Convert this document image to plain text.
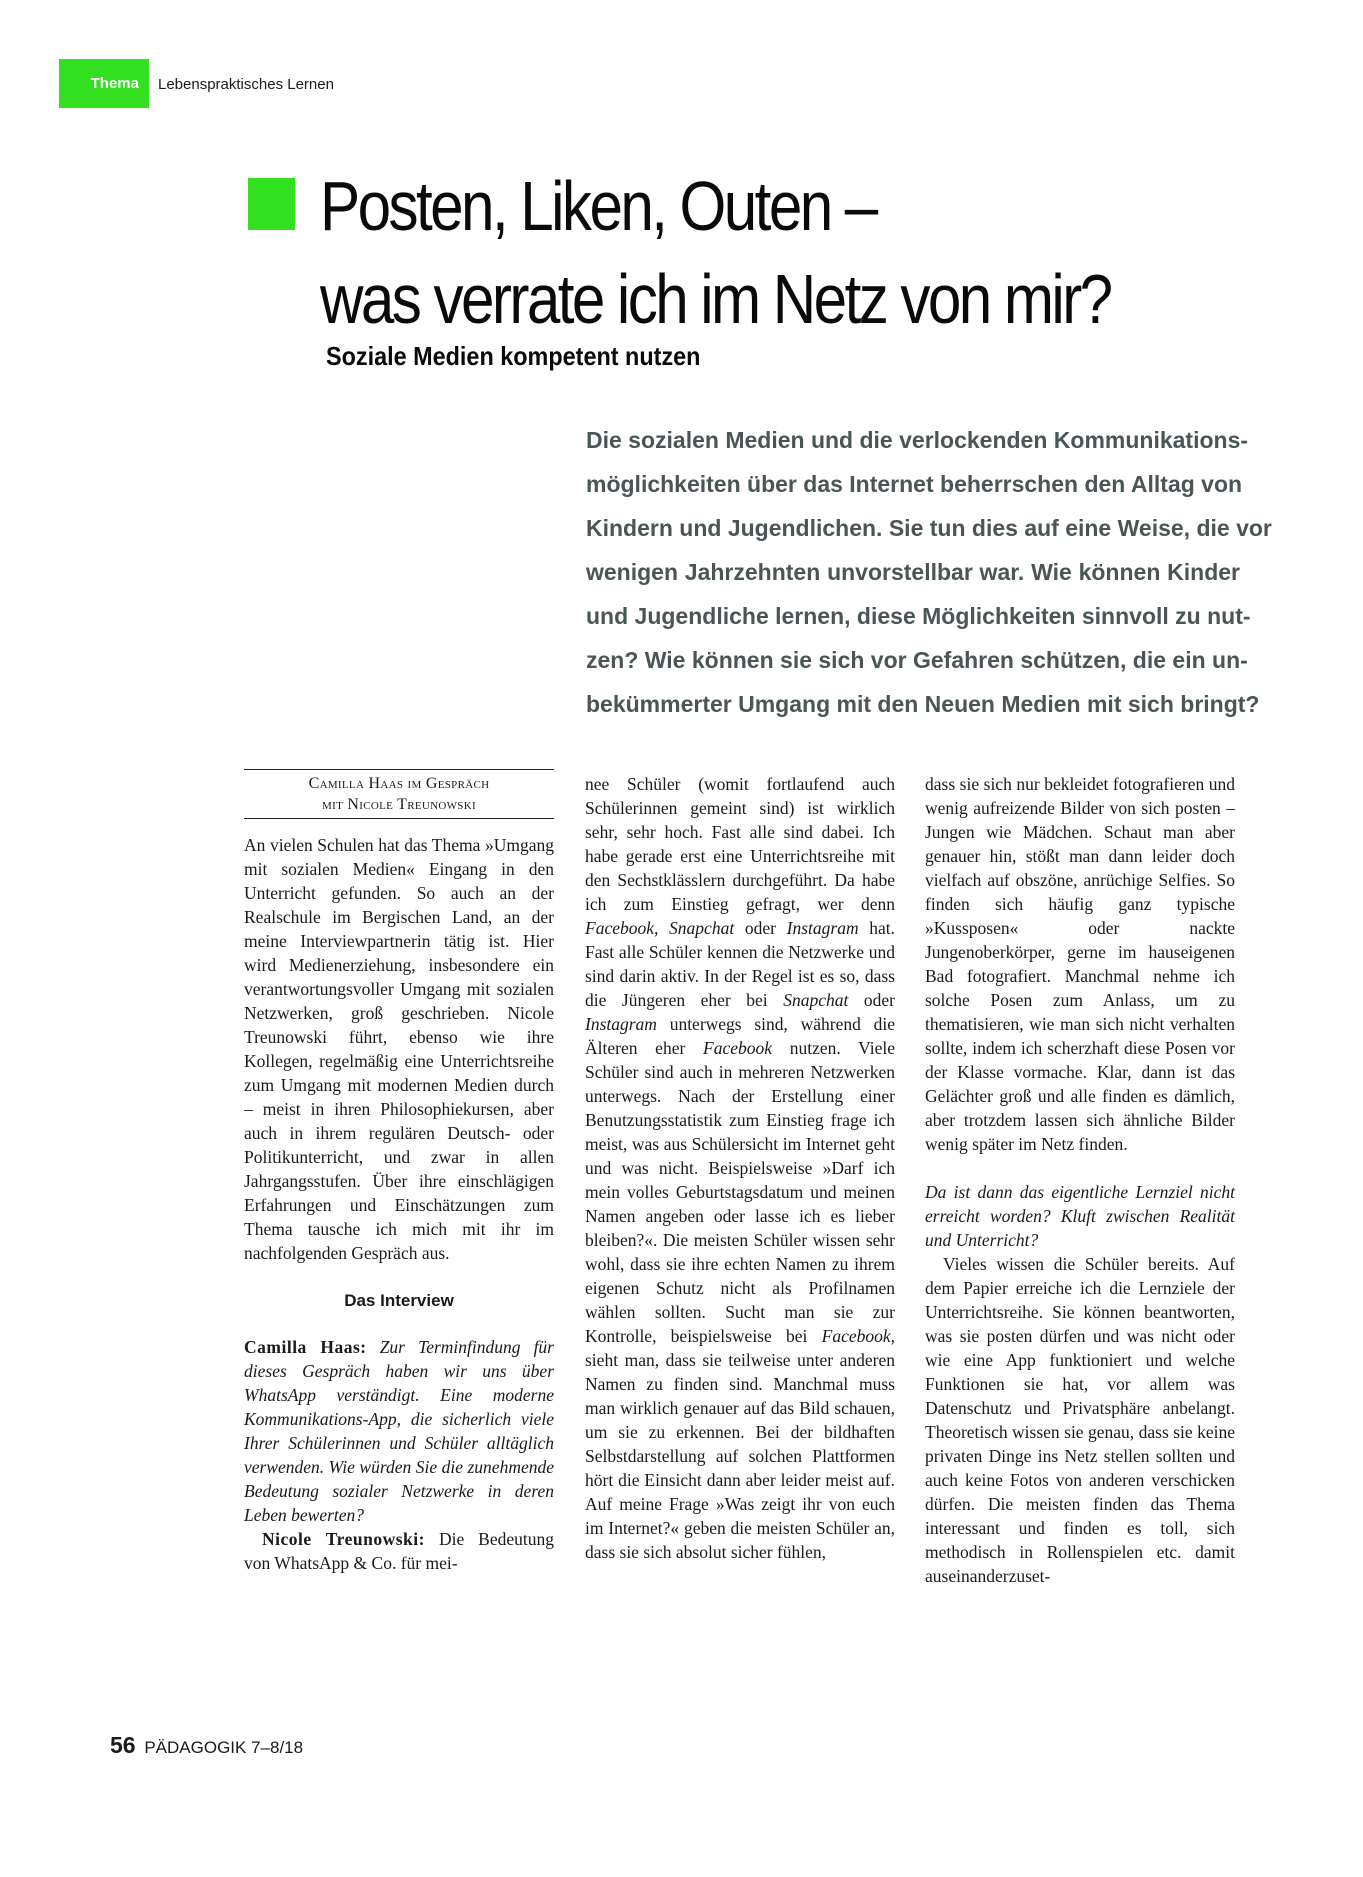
Thema Lebenspraktisches Lernen
Posten, Liken, Outen –
was verrate ich im Netz von mir?
Soziale Medien kompetent nutzen
Die sozialen Medien und die verlockenden Kommunikations-
möglichkeiten über das Internet beherrschen den Alltag von
Kindern und Jugendlichen. Sie tun dies auf eine Weise, die vor
wenigen Jahrzehnten unvorstellbar war. Wie können Kinder
und Jugendliche lernen, diese Möglichkeiten sinnvoll zu nut-
zen? Wie können sie sich vor Gefahren schützen, die ein un-
bekümmerter Umgang mit den Neuen Medien mit sich bringt?
Camilla Haas im Gespräch
mit Nicole Treunowski

An vielen Schulen hat das Thema »Umgang mit sozialen Medien« Eingang in den Unterricht gefunden. So auch an der Realschule im Bergischen Land, an der meine Interviewpartnerin tätig ist. Hier wird Medienerziehung, insbesondere ein verantwortungsvoller Umgang mit sozialen Netzwerken, groß geschrieben. Nicole Treunowski führt, ebenso wie ihre Kollegen, regelmäßig eine Unterrichtsreihe zum Umgang mit modernen Medien durch – meist in ihren Philosophiekursen, aber auch in ihrem regulären Deutsch- oder Politikunterricht, und zwar in allen Jahrgangsstufen. Über ihre einschlägigen Erfahrungen und Einschätzungen zum Thema tausche ich mich mit ihr im nachfolgenden Gespräch aus.

Das Interview

Camilla Haas: Zur Terminfindung für dieses Gespräch haben wir uns über WhatsApp verständigt. Eine moderne Kommunikations-App, die sicherlich viele Ihrer Schülerinnen und Schüler alltäglich verwenden. Wie würden Sie die zunehmende Bedeutung sozialer Netzwerke in deren Leben bewerten?

Nicole Treunowski: Die Bedeutung von WhatsApp & Co. für mei-

nee Schüler (womit fortlaufend auch Schülerinnen gemeint sind) ist wirklich sehr, sehr hoch. Fast alle sind dabei. Ich habe gerade erst eine Unterrichtsreihe mit den Sechstklässlern durchgeführt. Da habe ich zum Einstieg gefragt, wer denn Facebook, Snapchat oder Instagram hat. Fast alle Schüler kennen die Netzwerke und sind darin aktiv. In der Regel ist es so, dass die Jüngeren eher bei Snapchat oder Instagram unterwegs sind, während die Älteren eher Facebook nutzen. Viele Schüler sind auch in mehreren Netzwerken unterwegs. Nach der Erstellung einer Benutzungsstatistik zum Einstieg frage ich meist, was aus Schülersicht im Internet geht und was nicht. Beispielsweise »Darf ich mein volles Geburtstagsdatum und meinen Namen angeben oder lasse ich es lieber bleiben?«. Die meisten Schüler wissen sehr wohl, dass sie ihre echten Namen zu ihrem eigenen Schutz nicht als Profilnamen wählen sollten. Sucht man sie zur Kontrolle, beispielsweise bei Facebook, sieht man, dass sie teilweise unter anderen Namen zu finden sind. Manchmal muss man wirklich genauer auf das Bild schauen, um sie zu erkennen. Bei der bildhaften Selbstdarstellung auf solchen Plattformen hört die Einsicht dann aber leider meist auf. Auf meine Frage »Was zeigt ihr von euch im Internet?« geben die meisten Schüler an, dass sie sich absolut sicher fühlen,

dass sie sich nur bekleidet fotografieren und wenig aufreizende Bilder von sich posten – Jungen wie Mädchen. Schaut man aber genauer hin, stößt man dann leider doch vielfach auf obszöne, anrüchige Selfies. So finden sich häufig ganz typische »Kussposen« oder nackte Jungenoberkörper, gerne im hauseigenen Bad fotografiert. Manchmal nehme ich solche Posen zum Anlass, um zu thematisieren, wie man sich nicht verhalten sollte, indem ich scherzhaft diese Posen vor der Klasse vormache. Klar, dann ist das Gelächter groß und alle finden es dämlich, aber trotzdem lassen sich ähnliche Bilder wenig später im Netz finden.

Da ist dann das eigentliche Lernziel nicht erreicht worden? Kluft zwischen Realität und Unterricht?

Vieles wissen die Schüler bereits. Auf dem Papier erreiche ich die Lernziele der Unterrichtsreihe. Sie können beantworten, was sie posten dürfen und was nicht oder wie eine App funktioniert und welche Funktionen sie hat, vor allem was Datenschutz und Privatsphäre anbelangt. Theoretisch wissen sie genau, dass sie keine privaten Dinge ins Netz stellen sollten und auch keine Fotos von anderen verschicken dürfen. Die meisten finden das Thema interessant und finden es toll, sich methodisch in Rollenspielen etc. damit auseinanderzuset-

56 PÄDAGOGIK 7–8/18
